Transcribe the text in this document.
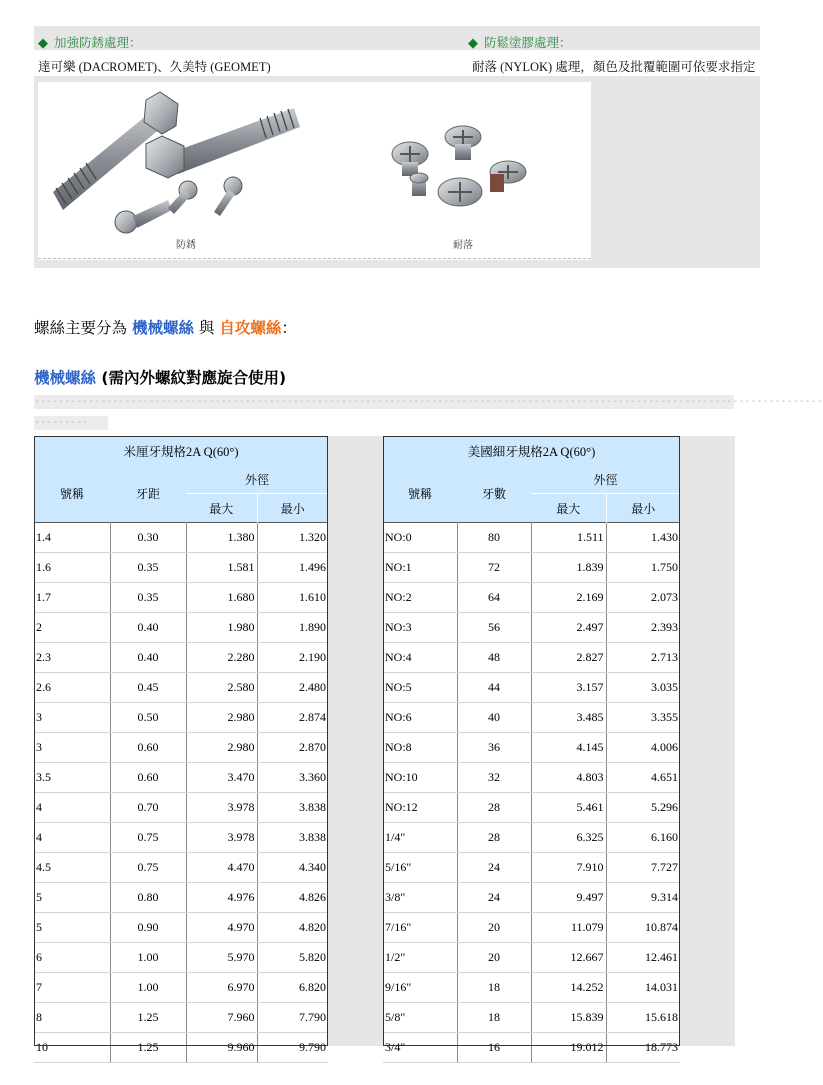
◆ 加強防銹處理：	◆ 防鬆塗膠處理：
達可樂 (DACROMET)、久美特 (GEOMET)	耐落 (NYLOK) 處理，顏色及批覆範圍可依要求指定
防銹	耐落
螺絲主要分為 機械螺絲 與 自攻螺絲：
機械螺絲 (需內外螺紋對應旋合使用)
-----------------------------------------------------------------------------------------------------------------------------------
---------
米厘牙規格2A Q(60°)			
號稱	牙距	外徑	
		最大	最小
1.4	0.30	1.380	1.320
1.6	0.35	1.581	1.496
1.7	0.35	1.680	1.610
2	0.40	1.980	1.890
2.3	0.40	2.280	2.190
2.6	0.45	2.580	2.480
3	0.50	2.980	2.874
3	0.60	2.980	2.870
3.5	0.60	3.470	3.360
4	0.70	3.978	3.838
4	0.75	3.978	3.838
4.5	0.75	4.470	4.340
5	0.80	4.976	4.826
5	0.90	4.970	4.820
6	1.00	5.970	5.820
7	1.00	6.970	6.820
8	1.25	7.960	7.790
10	1.25	9.960	9.790
美國細牙規格2A Q(60°)			
號稱	牙數	外徑	
		最大	最小
NO:0	80	1.511	1.430
NO:1	72	1.839	1.750
NO:2	64	2.169	2.073
NO:3	56	2.497	2.393
NO:4	48	2.827	2.713
NO:5	44	3.157	3.035
NO:6	40	3.485	3.355
NO:8	36	4.145	4.006
NO:10	32	4.803	4.651
NO:12	28	5.461	5.296
1/4"	28	6.325	6.160
5/16"	24	7.910	7.727
3/8"	24	9.497	9.314
7/16"	20	11.079	10.874
1/2"	20	12.667	12.461
9/16"	18	14.252	14.031
5/8"	18	15.839	15.618
3/4"	16	19.012	18.773
